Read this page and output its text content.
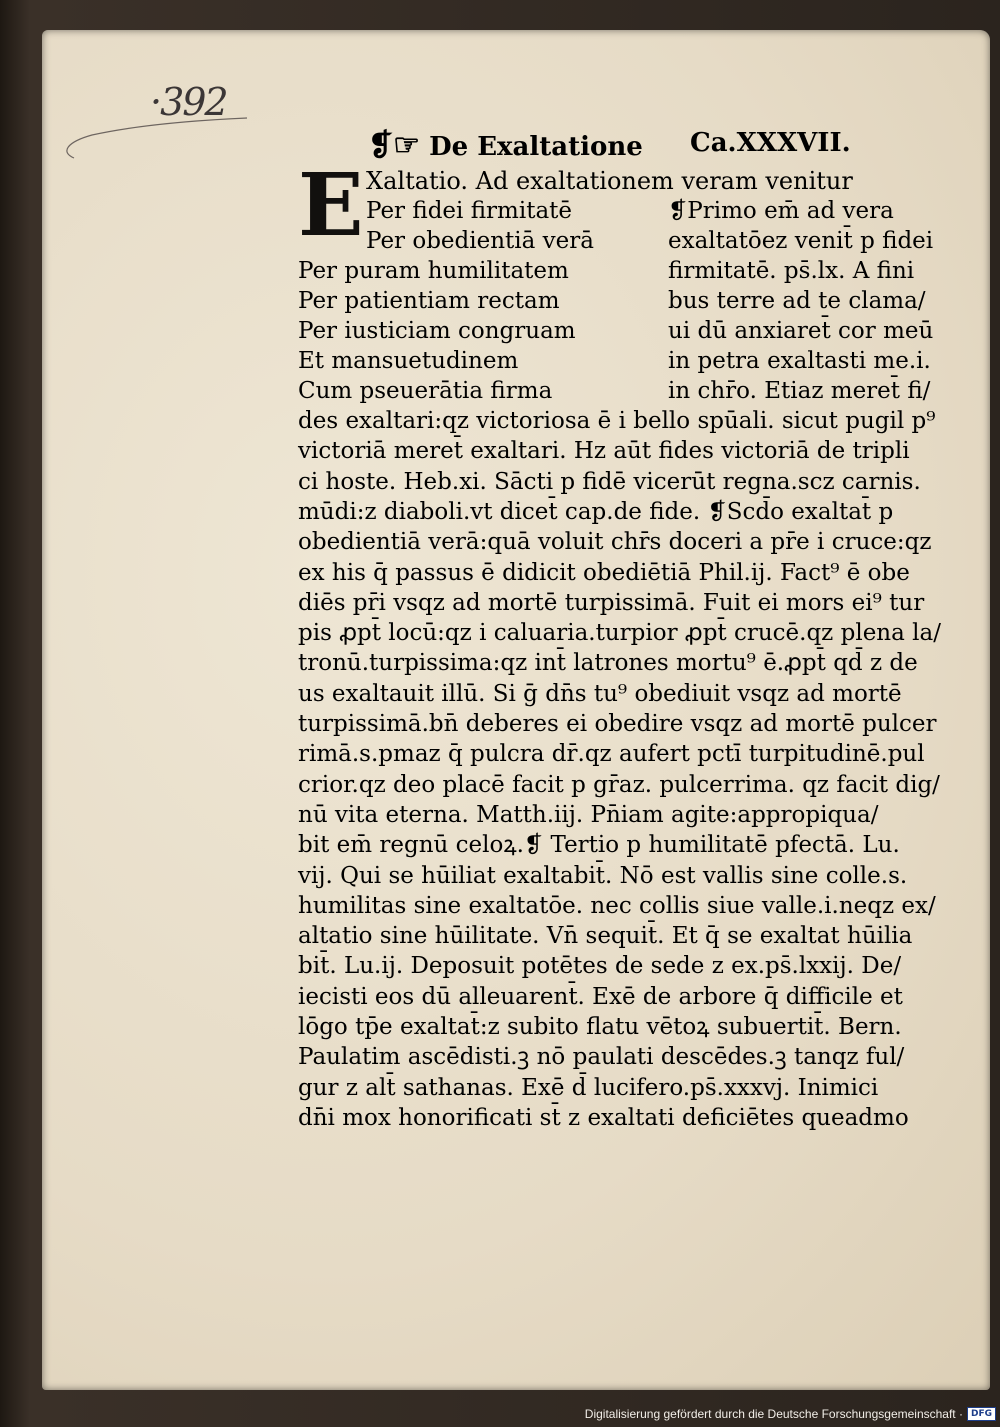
·392
❡☞ De Exaltatione Ca.XXXVII.
E Xaltatio. Ad exaltationem veram venitur
Per fidei firmitatē
Per obedientiā verā
Per puram humilitatem
Per patientiam rectam
Per iusticiam congruam
Et mansuetudinem
Cum pseuerātia firma
❡Primo em̄ ad vera
exaltatōez venit̄ p fidei
firmitatē. ps̄.lx. A fini
bus terre ad te clama/
ui dū anxiaret̄ cor meū
in petra exaltasti me.i.
in chr̄o. Etiaz meret̄ fi/
des exaltari:qz victoriosa ē i bello spūali. sicut pugil p⁹
victoriā meret̄ exaltari. Hz aūt fides victoriā de tripli
ci hoste. Heb.xi. Sācti p fidē vicerūt regna.scz carnis.
mūdi:z diaboli.vt dicet̄ cap.de fide. ❡Scd̄o exaltat̄ p
obedientiā verā:quā voluit chr̄s doceri a pr̄e i cruce:qz
ex his q̄ passus ē didicit obediētiā Phil.ij. Fact⁹ ē obe
diēs pr̄i vsqz ad mortē turpissimā. Fuit ei mors ei⁹ tur
pis ꝓpt̄ locū:qz i caluaria.turpior ꝓpt̄ crucē.qz plena la/
tronū.turpissima:qz int̄ latrones mortu⁹ ē.ꝓpt̄ qd̄ z de
us exaltauit illū. Si ḡ dn̄s tu⁹ obediuit vsqz ad mortē
turpissimā.bn̄ deberes ei obedire vsqz ad mortē pulcer
rimā.s.pmaz q̄ pulcra dr̄.qz aufert pctī turpitudinē.pul
crior.qz deo placē facit p gr̄az. pulcerrima. qz facit dig/
nū vita eterna. Matth.iij. Pn̄iam agite:appropiqua/
bit em̄ regnū celoꝝ.❡ Tertio p humilitatē pfectā. Lu.
vij. Qui se hūiliat exaltabit̄. Nō est vallis sine colle.s.
humilitas sine exaltatōe. nec collis siue valle.i.neqz ex/
altatio sine hūilitate. Vn̄ sequit̄. Et q̄ se exaltat hūilia
bit̄. Lu.ij. Deposuit potētes de sede z ex.ps̄.lxxij. De/
iecisti eos dū alleuarent̄. Exē de arbore q̄ difficile et
lōgo tp̄e exaltat̄:z subito flatu vētoꝝ subuertit̄. Bern.
Paulatim ascēdisti.ꝫ nō paulati descēdes.ꝫ tanqz ful/
gur z alt̄ sathanas. Exē d̄ lucifero.ps̄.xxxvj. Inimici
dn̄i mox honorificati st̄ z exaltati deficiētes queadmo
Digitalisierung gefördert durch die Deutsche Forschungsgemeinschaft · DFG
